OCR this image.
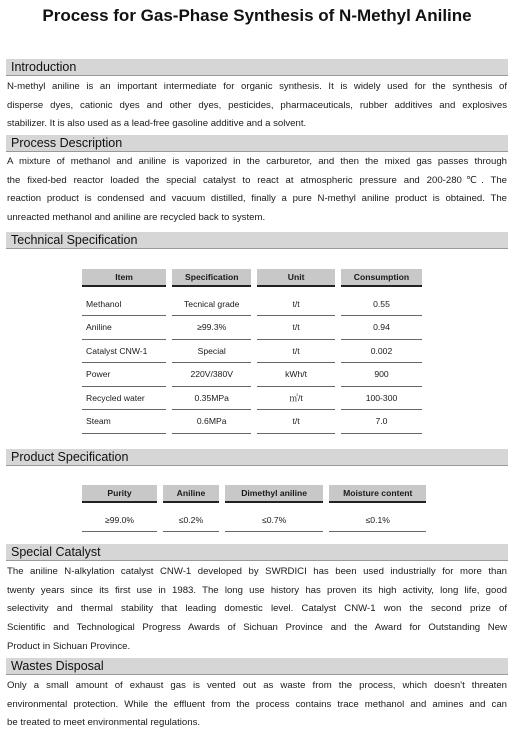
Process for Gas-Phase Synthesis of N-Methyl Aniline
Introduction
N-methyl aniline is an important intermediate for organic synthesis. It is widely used for the synthesis of
disperse dyes, cationic dyes and other dyes, pesticides, pharmaceuticals, rubber additives and explosives
stabilizer. It is also used as a lead-free gasoline additive and a solvent.
Process Description
A mixture of methanol and aniline is vaporized in the carburetor, and then the mixed gas passes through
the fixed-bed reactor loaded the special catalyst to react at atmospheric pressure and 200-280℃. The
reaction product is condensed and vacuum distilled, finally a pure N-methyl aniline product is obtained. The
unreacted methanol and aniline are recycled back to system.
Technical Specification
Item	Specification	Unit	Consumption
Methanol	Tecnical grade	t/t	0.55
Aniline	≥99.3%	t/t	0.94
Catalyst CNW-1	Special	t/t	0.002
Power	220V/380V	kWh/t	900
Recycled water	0.35MPa	㎥/t	100-300
Steam	0.6MPa	t/t	7.0
Product Specification
Purity	Aniline	Dimethyl aniline	Moisture content
≥99.0%	≤0.2%	≤0.7%	≤0.1%
Special Catalyst
The aniline N-alkylation catalyst CNW-1 developed by SWRDICI has been used industrially for more than
twenty years since its first use in 1983. The long use history has proven its high activity, long life, good
selectivity and thermal stability that leading domestic level. Catalyst CNW-1 won the second prize of
Scientific and Technological Progress Awards of Sichuan Province and the Award for Outstanding New
Product in Sichuan Province.
Wastes Disposal
Only a small amount of exhaust gas is vented out as waste from the process, which doesn't threaten
environmental protection. While the effluent from the process contains trace methanol and amines and can
be treated to meet environmental regulations.
